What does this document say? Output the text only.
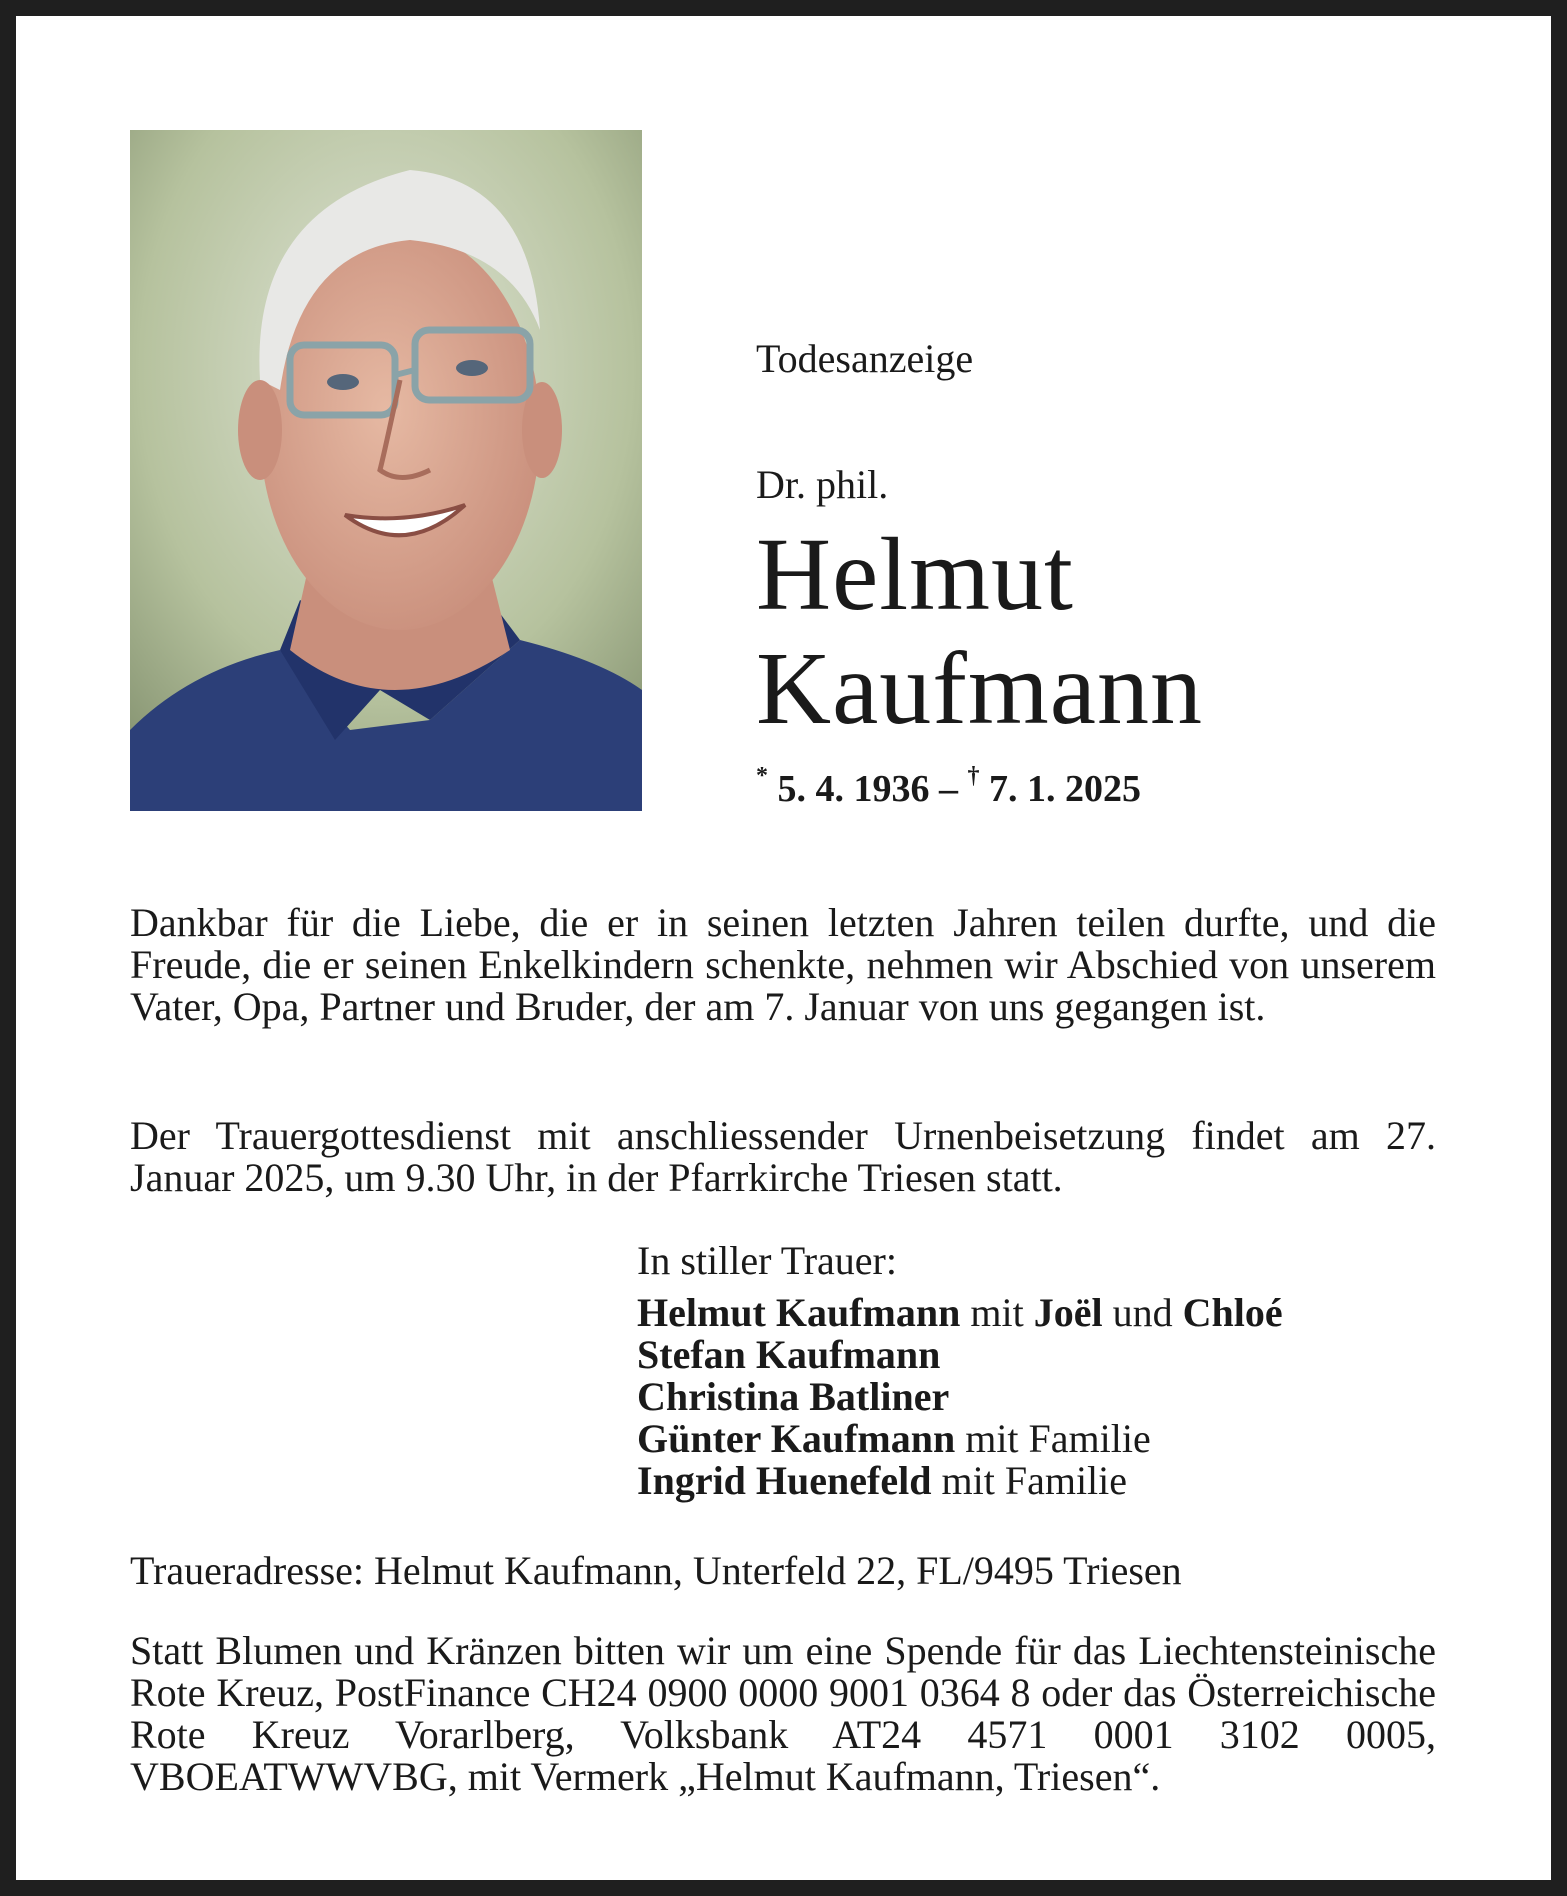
Todesanzeige

Dr. phil.

Helmut
Kaufmann
* 5. 4. 1936 – † 7. 1. 2025

Dankbar für die Liebe, die er in seinen letzten Jahren teilen durfte, und die Freude, die er seinen Enkelkindern schenkte, nehmen wir Abschied von unserem Vater, Opa, Partner und Bruder, der am 7. Januar von uns gegangen ist.

Der Trauergottesdienst mit anschliessender Urnenbeisetzung findet am 27. Januar 2025, um 9.30 Uhr, in der Pfarrkirche Triesen statt.

In stiller Trauer:

Helmut Kaufmann mit Joël und Chloé

Stefan Kaufmann

Christina Batliner

Günter Kaufmann mit Familie

Ingrid Huenefeld mit Familie

Traueradresse: Helmut Kaufmann, Unterfeld 22, FL/9495 Triesen

Statt Blumen und Kränzen bitten wir um eine Spende für das Liechtensteinische Rote Kreuz, PostFinance CH24 0900 0000 9001 0364 8 oder das Österreichische Rote Kreuz Vorarlberg, Volksbank AT24 4571 0001 3102 0005, VBOEATWWVBG, mit Vermerk „Helmut Kaufmann, Triesen“.
